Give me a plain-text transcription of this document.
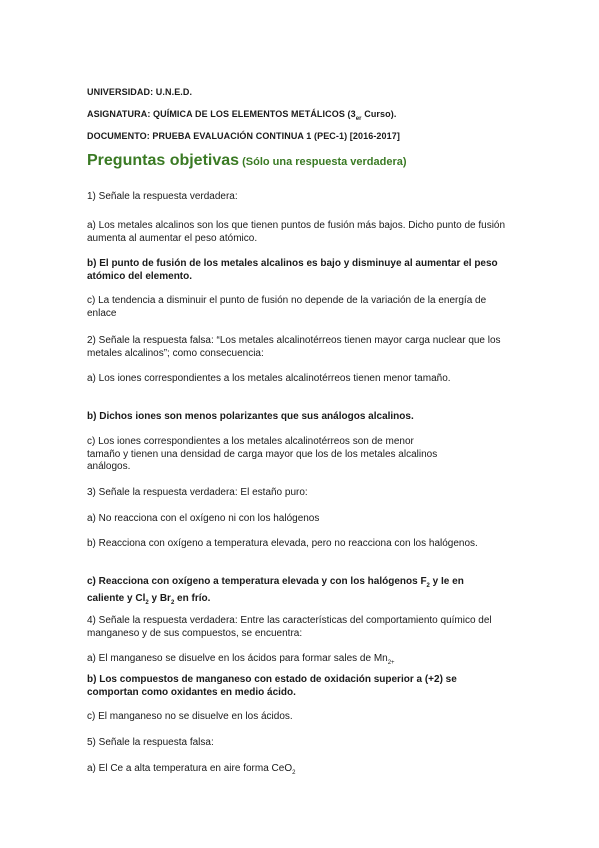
UNIVERSIDAD: U.N.E.D.
ASIGNATURA: QUÍMICA DE LOS ELEMENTOS METÁLICOS ($3_{er}$ Curso).
DOCUMENTO: PRUEBA EVALUACIÓN CONTINUA 1 (PEC-1) [2016-2017]
Preguntas objetivas (Sólo una respuesta verdadera)
1) Señale la respuesta verdadera:
a) Los metales alcalinos son los que tienen puntos de fusión más bajos. Dicho punto de fusión aumenta al aumentar el peso atómico.
b) El punto de fusión de los metales alcalinos es bajo y disminuye al aumentar el peso atómico del elemento.
c) La tendencia a disminuir el punto de fusión no depende de la variación de la energía de enlace
2) Señale la respuesta falsa: “Los metales alcalinotérreos tienen mayor carga nuclear que los metales alcalinos”; como consecuencia:
a) Los iones correspondientes a los metales alcalinotérreos tienen menor tamaño.
b) Dichos iones son menos polarizantes que sus análogos alcalinos.
c) Los iones correspondientes a los metales alcalinotérreos son de menor tamaño y tienen una densidad de carga mayor que los de los metales alcalinos análogos.
3) Señale la respuesta verdadera: El estaño puro:
a) No reacciona con el oxígeno ni con los halógenos
b) Reacciona con oxígeno a temperatura elevada, pero no reacciona con los halógenos.
c) Reacciona con oxígeno a temperatura elevada y con los halógenos $F_2$ y Ie en caliente y $Cl_2$ y $Br_2$ en frío.
4) Señale la respuesta verdadera: Entre las características del comportamiento químico del manganeso y de sus compuestos, se encuentra:
a) El manganeso se disuelve en los ácidos para formar sales de $Mn_{2+}$
b) Los compuestos de manganeso con estado de oxidación superior a (+2) se comportan como oxidantes en medio ácido.
c) El manganeso no se disuelve en los ácidos.
5) Señale la respuesta falsa:
a) El Ce a alta temperatura en aire forma CeO$_2$
